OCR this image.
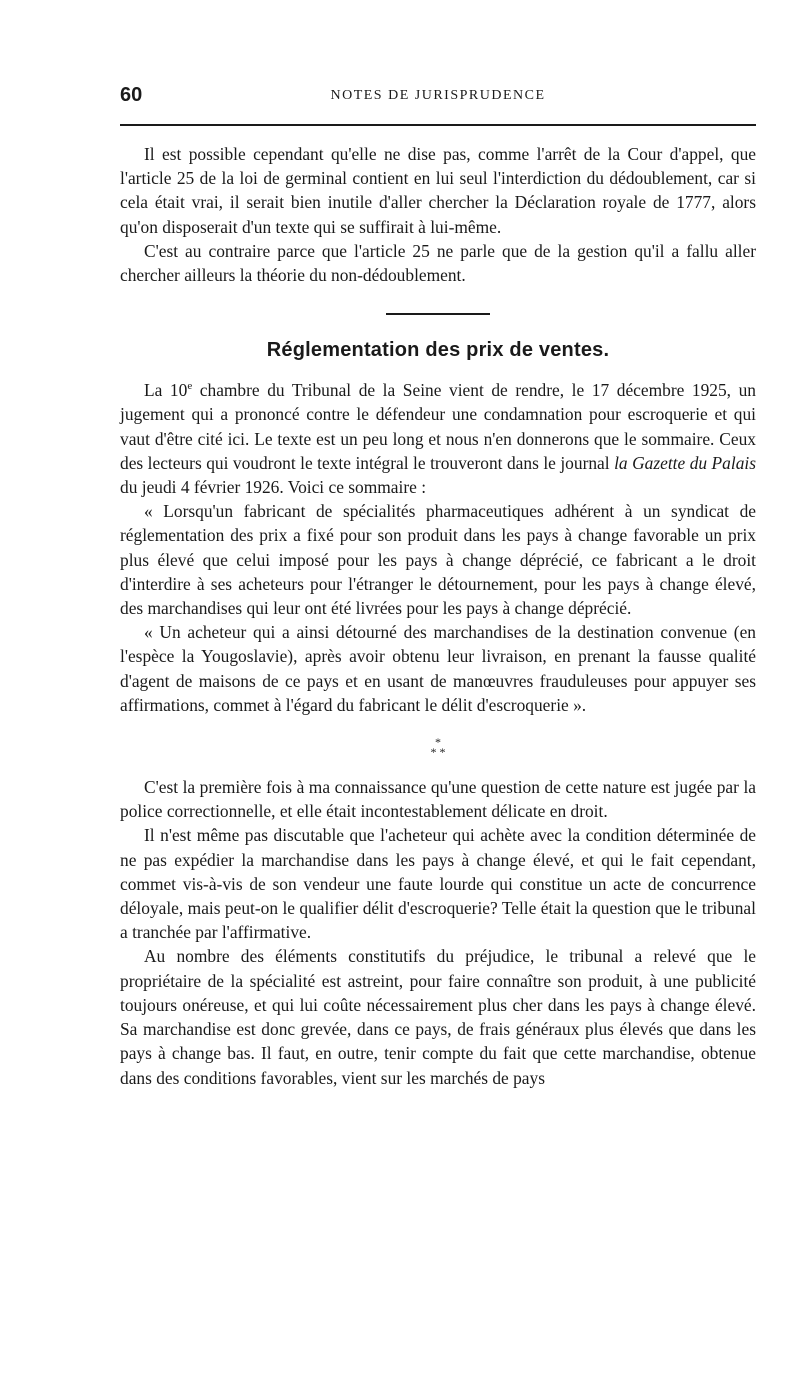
60	NOTES DE JURISPRUDENCE

Il est possible cependant qu'elle ne dise pas, comme l'arrêt de la Cour d'appel, que l'article 25 de la loi de germinal contient en lui seul l'interdiction du dédoublement, car si cela était vrai, il serait bien inutile d'aller chercher la Déclaration royale de 1777, alors qu'on disposerait d'un texte qui se suffirait à lui-même.

C'est au contraire parce que l'article 25 ne parle que de la gestion qu'il a fallu aller chercher ailleurs la théorie du non-dédoublement.

Réglementation des prix de ventes.

La 10e chambre du Tribunal de la Seine vient de rendre, le 17 décembre 1925, un jugement qui a prononcé contre le défendeur une condamnation pour escroquerie et qui vaut d'être cité ici. Le texte est un peu long et nous n'en donnerons que le sommaire. Ceux des lecteurs qui voudront le texte intégral le trouveront dans le journal la Gazette du Palais du jeudi 4 février 1926. Voici ce sommaire :

« Lorsqu'un fabricant de spécialités pharmaceutiques adhérent à un syndicat de réglementation des prix a fixé pour son produit dans les pays à change favorable un prix plus élevé que celui imposé pour les pays à change déprécié, ce fabricant a le droit d'interdire à ses acheteurs pour l'étranger le détournement, pour les pays à change élevé, des marchandises qui leur ont été livrées pour les pays à change déprécié.

« Un acheteur qui a ainsi détourné des marchandises de la destination convenue (en l'espèce la Yougoslavie), après avoir obtenu leur livraison, en prenant la fausse qualité d'agent de maisons de ce pays et en usant de manœuvres frauduleuses pour appuyer ses affirmations, commet à l'égard du fabricant le délit d'escroquerie ».

*
* *

C'est la première fois à ma connaissance qu'une question de cette nature est jugée par la police correctionnelle, et elle était incontestablement délicate en droit.

Il n'est même pas discutable que l'acheteur qui achète avec la condition déterminée de ne pas expédier la marchandise dans les pays à change élevé, et qui le fait cependant, commet vis-à-vis de son vendeur une faute lourde qui constitue un acte de concurrence déloyale, mais peut-on le qualifier délit d'escroquerie? Telle était la question que le tribunal a tranchée par l'affirmative.

Au nombre des éléments constitutifs du préjudice, le tribunal a relevé que le propriétaire de la spécialité est astreint, pour faire connaître son produit, à une publicité toujours onéreuse, et qui lui coûte nécessairement plus cher dans les pays à change élevé. Sa marchandise est donc grevée, dans ce pays, de frais généraux plus élevés que dans les pays à change bas. Il faut, en outre, tenir compte du fait que cette marchandise, obtenue dans des conditions favorables, vient sur les marchés de pays
